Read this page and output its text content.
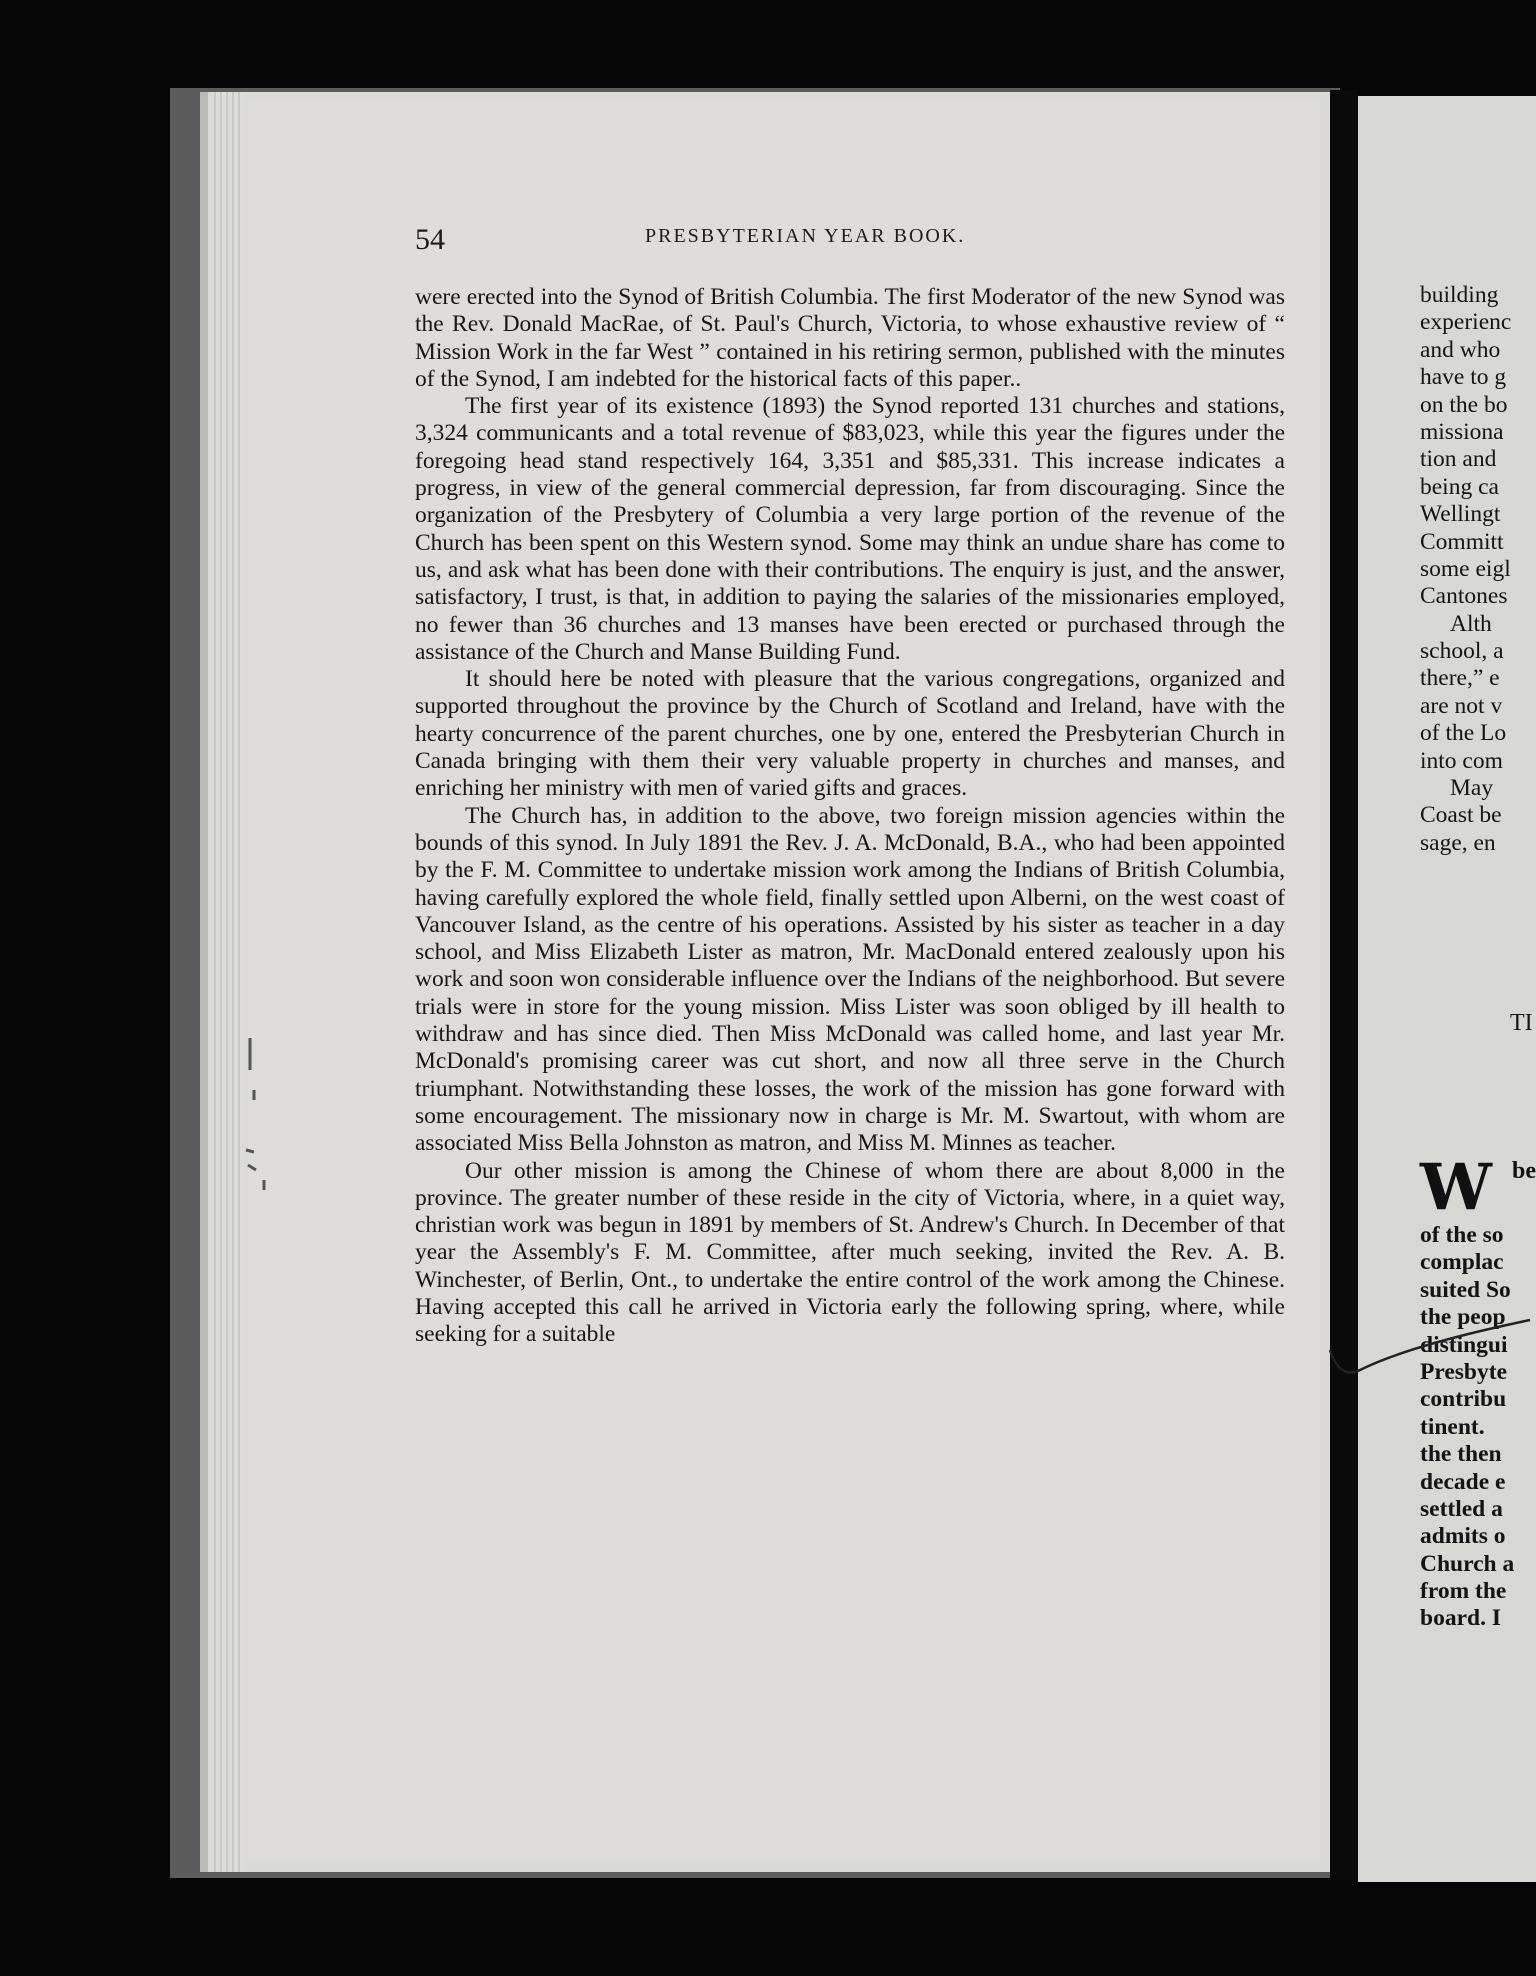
54	PRESBYTERIAN YEAR BOOK.

were erected into the Synod of British Columbia. The first Moderator of the new Synod was the Rev. Donald MacRae, of St. Paul's Church, Victoria, to whose exhaustive review of “ Mission Work in the far West ” contained in his retiring sermon, published with the minutes of the Synod, I am indebted for the historical facts of this paper..

The first year of its existence (1893) the Synod reported 131 churches and stations, 3,324 communicants and a total revenue of $83,023, while this year the figures under the foregoing head stand respectively 164, 3,351 and $85,331. This increase indicates a progress, in view of the general commercial depression, far from discouraging. Since the organization of the Presbytery of Columbia a very large portion of the revenue of the Church has been spent on this Western synod. Some may think an undue share has come to us, and ask what has been done with their contributions. The enquiry is just, and the answer, satisfactory, I trust, is that, in addition to paying the salaries of the missionaries employed, no fewer than 36 churches and 13 manses have been erected or purchased through the assistance of the Church and Manse Building Fund.

It should here be noted with pleasure that the various congregations, organized and supported throughout the province by the Church of Scotland and Ireland, have with the hearty concurrence of the parent churches, one by one, entered the Presbyterian Church in Canada bringing with them their very valuable property in churches and manses, and enriching her ministry with men of varied gifts and graces.

The Church has, in addition to the above, two foreign mission agencies within the bounds of this synod. In July 1891 the Rev. J. A. McDonald, B.A., who had been appointed by the F. M. Committee to undertake mission work among the Indians of British Columbia, having carefully explored the whole field, finally settled upon Alberni, on the west coast of Vancouver Island, as the centre of his operations. Assisted by his sister as teacher in a day school, and Miss Elizabeth Lister as matron, Mr. MacDonald entered zealously upon his work and soon won considerable influence over the Indians of the neighborhood. But severe trials were in store for the young mission. Miss Lister was soon obliged by ill health to withdraw and has since died. Then Miss McDonald was called home, and last year Mr. McDonald's promising career was cut short, and now all three serve in the Church triumphant. Notwithstanding these losses, the work of the mission has gone forward with some encouragement. The missionary now in charge is Mr. M. Swartout, with whom are associated Miss Bella Johnston as matron, and Miss M. Minnes as teacher.

Our other mission is among the Chinese of whom there are about 8,000 in the province. The greater number of these reside in the city of Victoria, where, in a quiet way, christian work was begun in 1891 by members of St. Andrew's Church. In December of that year the Assembly's F. M. Committee, after much seeking, invited the Rev. A. B. Winchester, of Berlin, Ont., to undertake the entire control of the work among the Chinese. Having accepted this call he arrived in Victoria early the following spring, where, while seeking for a suitable

building
experienc
and who
have to g
on the bo
missiona
tion and
being ca
Wellingt
Committ
some eigl
Cantones
Alth
school, a
there,” e
are not v
of the Lo
into com
May
Coast be
sage, en
TI
W be
of the so
complac
suited So
the peop
distingui
Presbyte
contribu
tinent.
the then
decade e
settled a
admits o
Church a
from the
board. I
